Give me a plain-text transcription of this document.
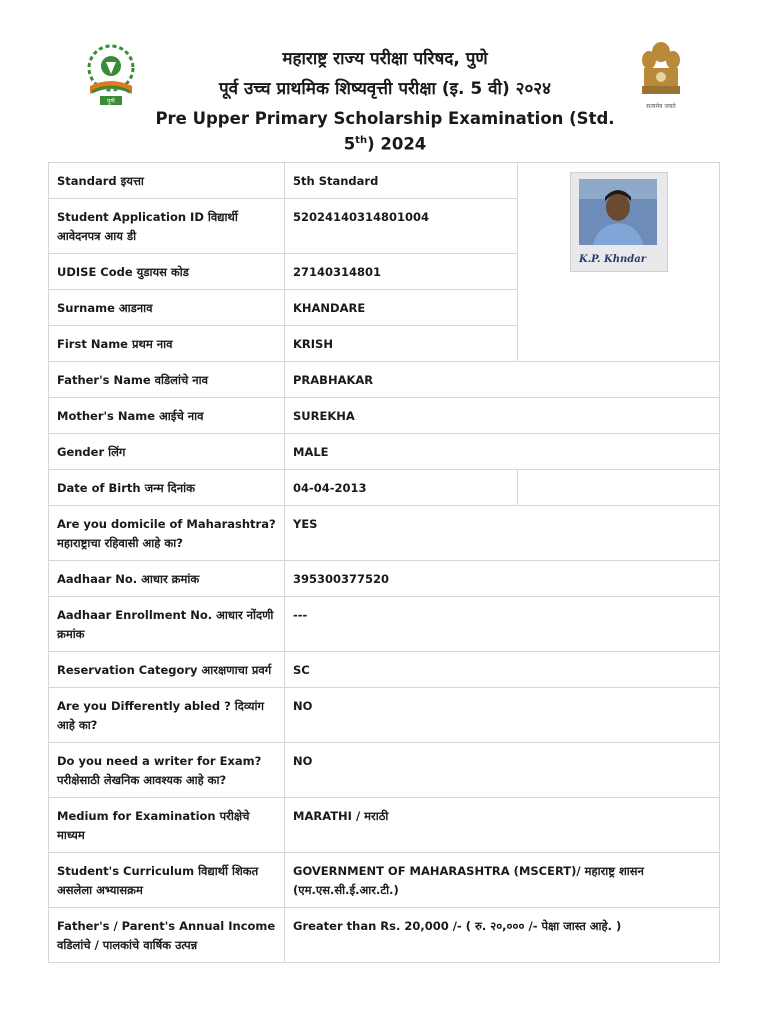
पुणे
महाराष्ट्र राज्य परीक्षा परिषद, पुणे
पूर्व उच्च प्राथमिक शिष्यवृत्ती परीक्षा (इ. 5 वी) २०२४
Pre Upper Primary Scholarship Examination (Std.
5th) 2024
सत्यमेव जयते
Standard इयत्ता	5th Standard	K.P. Khndar

Student Application ID विद्यार्थी आवेदनपत्र आय डी	52024140314801004	
UDISE Code युडायस कोड	27140314801	
Surname आडनाव	KHANDARE	
First Name प्रथम नाव	KRISH	
Father's Name वडिलांचे नाव	PRABHAKAR	
Mother's Name आईचे नाव	SUREKHA	
Gender लिंग	MALE	
Date of Birth जन्म दिनांक	04-04-2013	
Are you domicile of Maharashtra? महाराष्ट्राचा रहिवासी आहे का?	YES	
Aadhaar No. आधार क्रमांक	395300377520	
Aadhaar Enrollment No. आधार नोंदणी क्रमांक	---	
Reservation Category आरक्षणाचा प्रवर्ग	SC	
Are you Differently abled ? दिव्यांग आहे का?	NO	
Do you need a writer for Exam? परीक्षेसाठी लेखनिक आवश्यक आहे का?	NO	
Medium for Examination परीक्षेचे माध्यम	MARATHI / मराठी	
Student's Curriculum विद्यार्थी शिकत असलेला अभ्यासक्रम	GOVERNMENT OF MAHARASHTRA (MSCERT)/ महाराष्ट्र शासन (एम.एस.सी.ई.आर.टी.)	
Father's / Parent's Annual Income वडिलांचे / पालकांचे वार्षिक उत्पन्न	Greater than Rs. 20,000 /- ( रु. २०,००० /- पेक्षा जास्त आहे. )	
